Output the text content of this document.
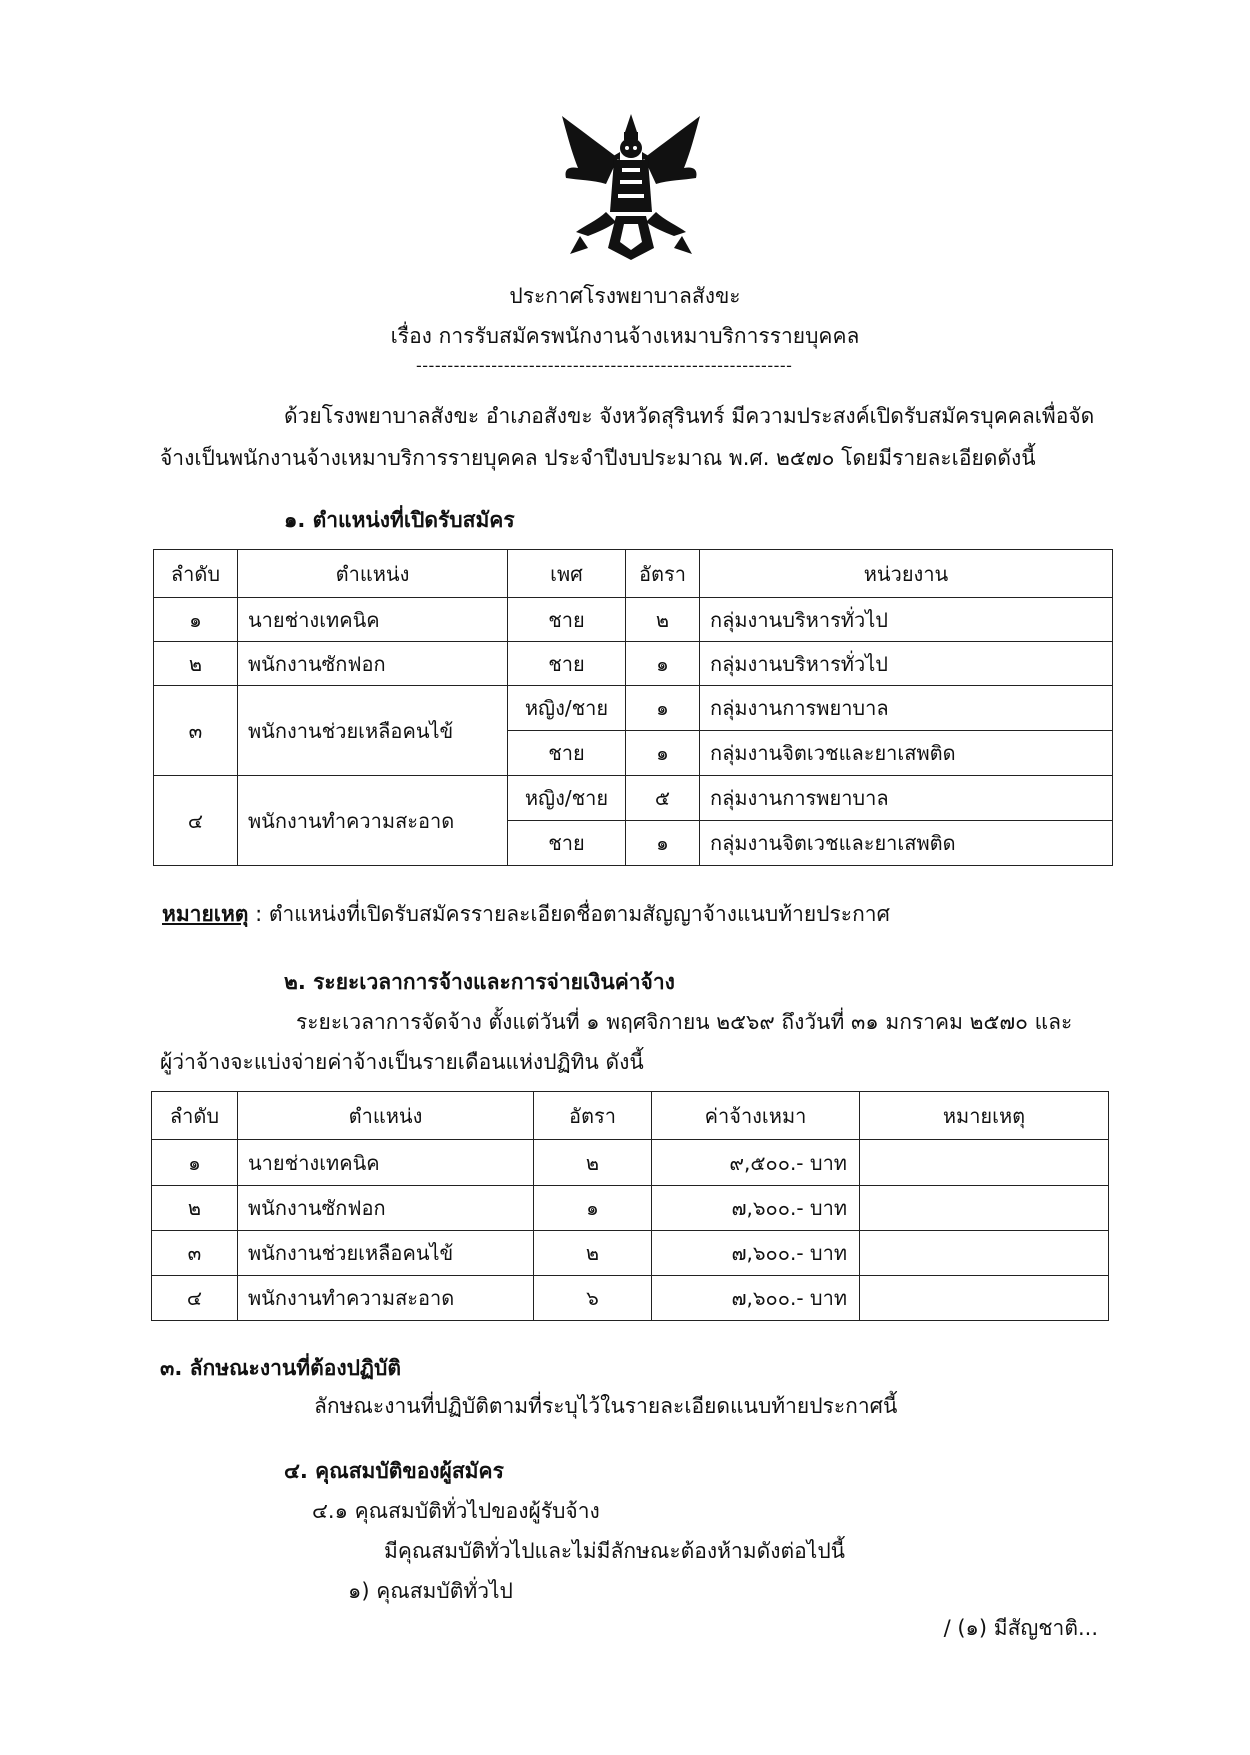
ประกาศโรงพยาบาลสังขะ
เรื่อง การรับสมัครพนักงานจ้างเหมาบริการรายบุคคล
------------------------------------------------------------
ด้วยโรงพยาบาลสังขะ อำเภอสังขะ จังหวัดสุรินทร์ มีความประสงค์เปิดรับสมัครบุคคลเพื่อจัด
จ้างเป็นพนักงานจ้างเหมาบริการรายบุคคล ประจำปีงบประมาณ พ.ศ. ๒๕๗๐ โดยมีรายละเอียดดังนี้
๑. ตำแหน่งที่เปิดรับสมัคร
ลำดับ	ตำแหน่ง	เพศ	อัตรา	หน่วยงาน
๑	นายช่างเทคนิค	ชาย	๒	กลุ่มงานบริหารทั่วไป
๒	พนักงานซักฟอก	ชาย	๑	กลุ่มงานบริหารทั่วไป
๓	พนักงานช่วยเหลือคนไข้	หญิง/ชาย	๑	กลุ่มงานการพยาบาล
		ชาย	๑	กลุ่มงานจิตเวชและยาเสพติด
๔	พนักงานทำความสะอาด	หญิง/ชาย	๕	กลุ่มงานการพยาบาล
		ชาย	๑	กลุ่มงานจิตเวชและยาเสพติด
หมายเหตุ : ตำแหน่งที่เปิดรับสมัครรายละเอียดชื่อตามสัญญาจ้างแนบท้ายประกาศ
๒. ระยะเวลาการจ้างและการจ่ายเงินค่าจ้าง
ระยะเวลาการจัดจ้าง ตั้งแต่วันที่ ๑ พฤศจิกายน ๒๕๖๙ ถึงวันที่ ๓๑ มกราคม ๒๕๗๐ และ
ผู้ว่าจ้างจะแบ่งจ่ายค่าจ้างเป็นรายเดือนแห่งปฏิทิน ดังนี้
ลำดับ	ตำแหน่ง	อัตรา	ค่าจ้างเหมา	หมายเหตุ
๑	นายช่างเทคนิค	๒	๙,๕๐๐.- บาท	
๒	พนักงานซักฟอก	๑	๗,๖๐๐.- บาท	
๓	พนักงานช่วยเหลือคนไข้	๒	๗,๖๐๐.- บาท	
๔	พนักงานทำความสะอาด	๖	๗,๖๐๐.- บาท	
๓. ลักษณะงานที่ต้องปฏิบัติ
ลักษณะงานที่ปฏิบัติตามที่ระบุไว้ในรายละเอียดแนบท้ายประกาศนี้
๔. คุณสมบัติของผู้สมัคร
๔.๑ คุณสมบัติทั่วไปของผู้รับจ้าง
มีคุณสมบัติทั่วไปและไม่มีลักษณะต้องห้ามดังต่อไปนี้
๑) คุณสมบัติทั่วไป
/ (๑) มีสัญชาติ...
